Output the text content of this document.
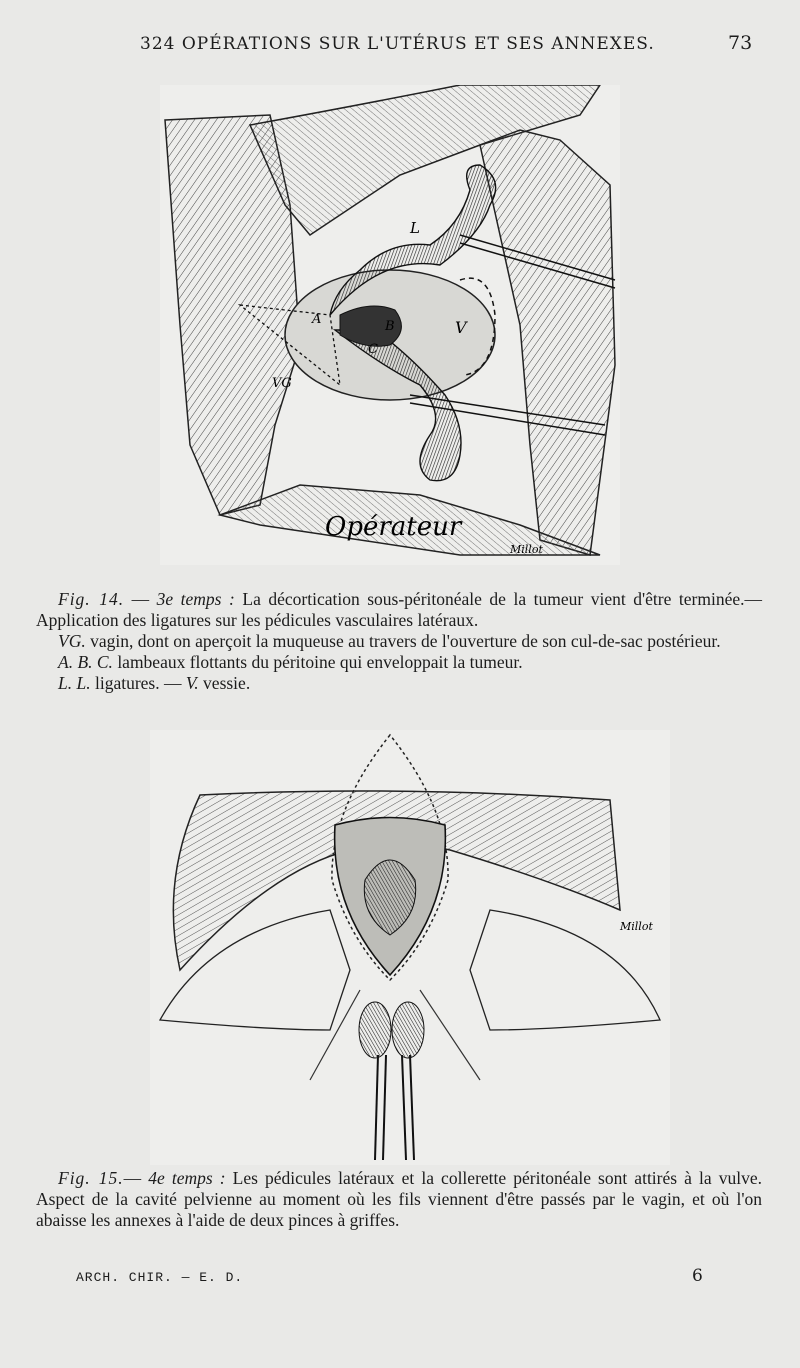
324 OPÉRATIONS SUR L'UTÉRUS ET SES ANNEXES.	73
L
A	B
C
V
VG
Opérateur
Millot

Fig. 14. — 3e temps : La décortication sous-péritonéale de la tumeur vient d'être terminée.—Application des ligatures sur les pédicules vasculaires latéraux.

VG. vagin, dont on aperçoit la muqueuse au travers de l'ouverture de son cul-de-sac postérieur.

A. B. C. lambeaux flottants du péritoine qui enveloppait la tumeur.

L. L. ligatures. — V. vessie.

Millot

Fig. 15.— 4e temps : Les pédicules latéraux et la collerette péritonéale sont attirés à la vulve. Aspect de la cavité pelvienne au moment où les fils viennent d'être passés par le vagin, et où l'on abaisse les annexes à l'aide de deux pinces à griffes.

ARCH. CHIR. — E. D.	6
